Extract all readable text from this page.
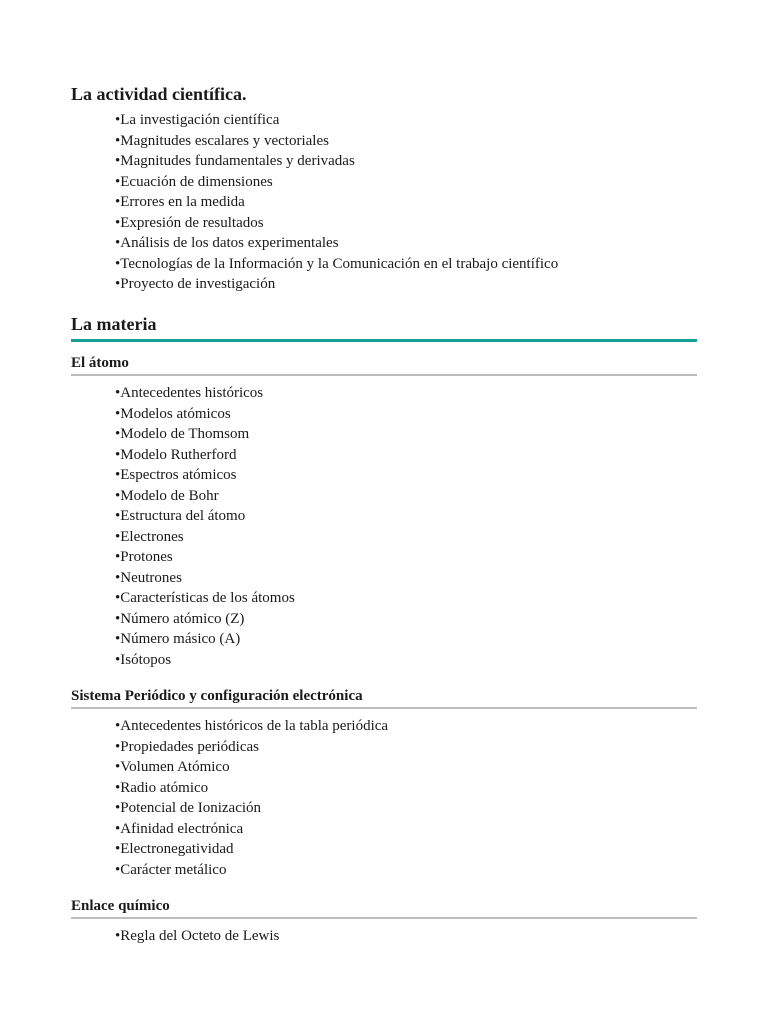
La actividad científica.
• La investigación científica
• Magnitudes escalares y vectoriales
• Magnitudes fundamentales y derivadas
• Ecuación de dimensiones
• Errores en la medida
• Expresión de resultados
• Análisis de los datos experimentales
• Tecnologías de la Información y la Comunicación en el trabajo científico
• Proyecto de investigación
La materia
El átomo
• Antecedentes históricos
• Modelos atómicos
• Modelo de Thomsom
• Modelo Rutherford
• Espectros atómicos
• Modelo de Bohr
• Estructura del átomo
• Electrones
• Protones
• Neutrones
• Características de los átomos
• Número atómico (Z)
• Número másico (A)
• Isótopos
Sistema Periódico y configuración electrónica
• Antecedentes históricos de la tabla periódica
• Propiedades periódicas
• Volumen Atómico
• Radio atómico
• Potencial de Ionización
• Afinidad electrónica
• Electronegatividad
• Carácter metálico
Enlace químico
• Regla del Octeto de Lewis
